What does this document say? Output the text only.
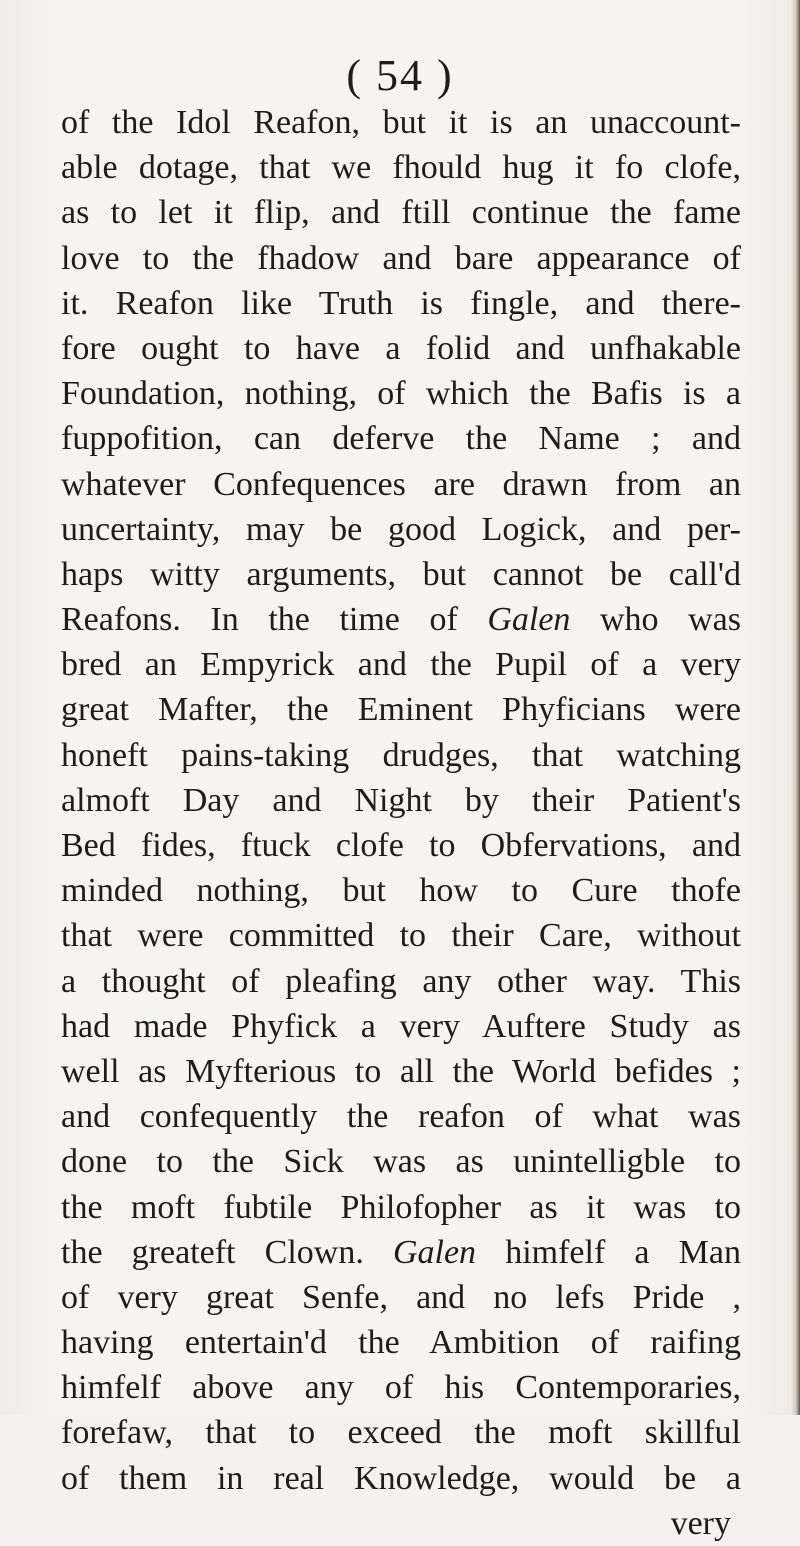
( 54 )
of the Idol Reafon, but it is an unaccount-
able dotage, that we fhould hug it fo clofe,
as to let it flip, and ftill continue the fame
love to the fhadow and bare appearance of
it. Reafon like Truth is fingle, and there-
fore ought to have a folid and unfhakable
Foundation, nothing, of which the Bafis is a
fuppofition, can deferve the Name ; and
whatever Confequences are drawn from an
uncertainty, may be good Logick, and per-
haps witty arguments, but cannot be call'd
Reafons. In the time of Galen who was
bred an Empyrick and the Pupil of a very
great Mafter, the Eminent Phyficians were
honeft pains-taking drudges, that watching
almoft Day and Night by their Patient's
Bed fides, ftuck clofe to Obfervations, and
minded nothing, but how to Cure thofe
that were committed to their Care, without
a thought of pleafing any other way. This
had made Phyfick a very Auftere Study as
well as Myfterious to all the World befides ;
and confequently the reafon of what was
done to the Sick was as unintelligble to
the moft fubtile Philofopher as it was to
the greateft Clown. Galen himfelf a Man
of very great Senfe, and no lefs Pride ,
having entertain'd the Ambition of raifing
himfelf above any of his Contemporaries,
forefaw, that to exceed the moft skillful
of them in real Knowledge, would be a
very
